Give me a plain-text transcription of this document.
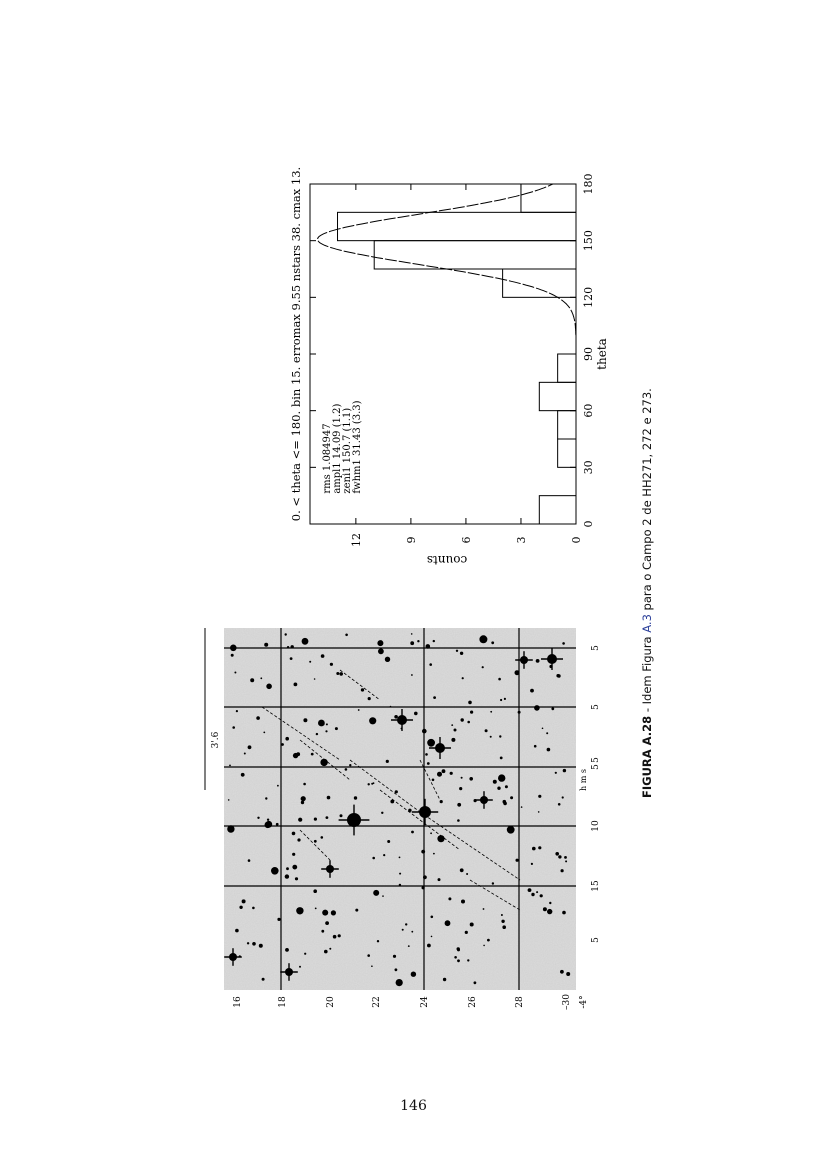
0
30
60
90
120
150
180
0
3
6
9
12
theta
counts
0. < theta <= 180. bin 15. erromax 9.55 nstars 38. cmax 13. rms 1.084947 ampl1 14.09 (1.2) zeni1 150.7 (1.1) fwhm1 31.43 (3.3)
16	18	20	22	24	26	28	–30
5
5
10
15
5
5
5
-4°
h m s
3'.6	FIGURA A.28 - Idem Figura A.3 para o Campo 2 de HH271, 272 e 273.
146
